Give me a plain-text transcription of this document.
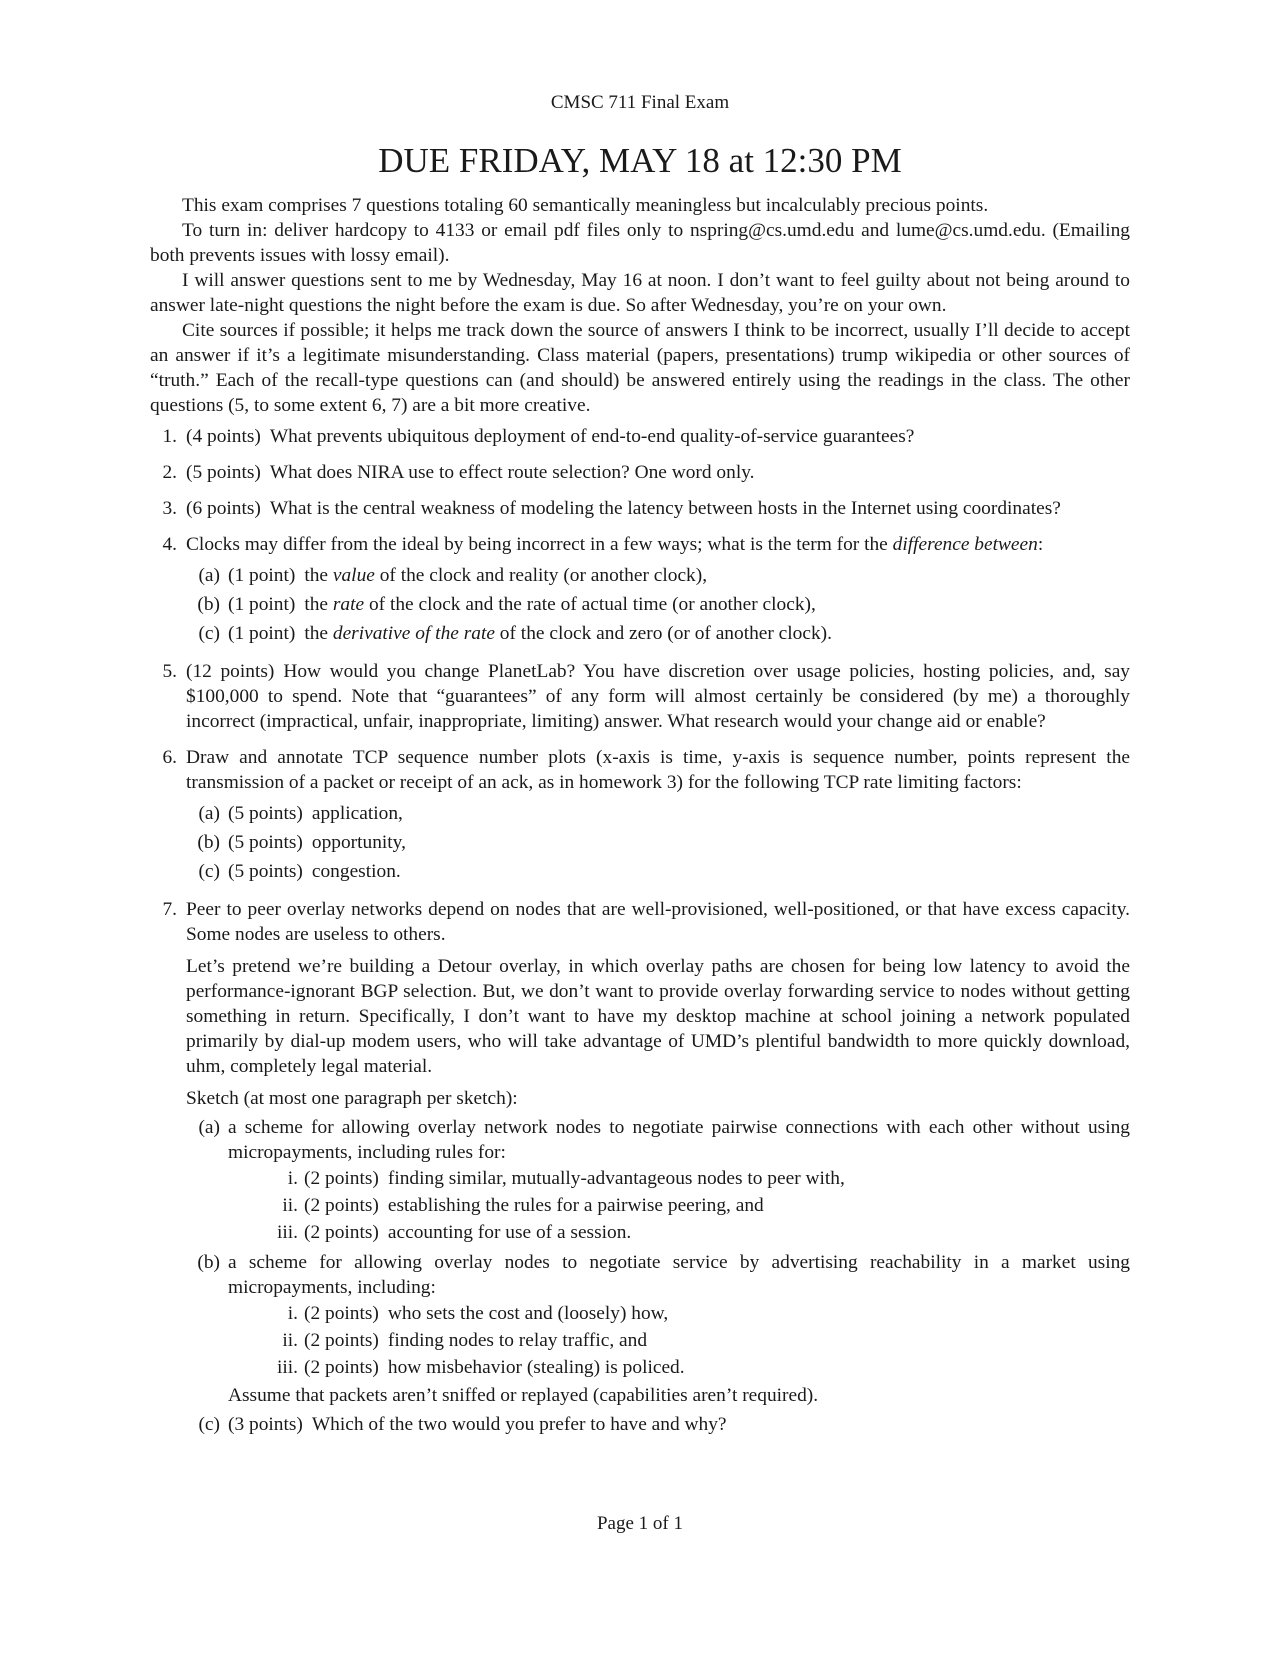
CMSC 711 Final Exam
DUE FRIDAY, MAY 18 at 12:30 PM

This exam comprises 7 questions totaling 60 semantically meaningless but incalculably precious points.

To turn in: deliver hardcopy to 4133 or email pdf files only to nspring@cs.umd.edu and lume@cs.umd.edu. (Emailing both prevents issues with lossy email).

I will answer questions sent to me by Wednesday, May 16 at noon. I don’t want to feel guilty about not being around to answer late-night questions the night before the exam is due. So after Wednesday, you’re on your own.

Cite sources if possible; it helps me track down the source of answers I think to be incorrect, usually I’ll decide to accept an answer if it’s a legitimate misunderstanding. Class material (papers, presentations) trump wikipedia or other sources of “truth.” Each of the recall-type questions can (and should) be answered entirely using the readings in the class. The other questions (5, to some extent 6, 7) are a bit more creative.

1. (4 points) What prevents ubiquitous deployment of end-to-end quality-of-service guarantees?
2. (5 points) What does NIRA use to effect route selection? One word only.
3. (6 points) What is the central weakness of modeling the latency between hosts in the Internet using coordinates?
4. Clocks may differ from the ideal by being incorrect in a few ways; what is the term for the difference between:
(a) (1 point) the value of the clock and reality (or another clock),
(b) (1 point) the rate of the clock and the rate of actual time (or another clock),
(c) (1 point) the derivative of the rate of the clock and zero (or of another clock).
5. (12 points) How would you change PlanetLab? You have discretion over usage policies, hosting policies, and, say $100,000 to spend. Note that “guarantees” of any form will almost certainly be considered (by me) a thoroughly incorrect (impractical, unfair, inappropriate, limiting) answer. What research would your change aid or enable?
6. Draw and annotate TCP sequence number plots (x-axis is time, y-axis is sequence number, points represent the transmission of a packet or receipt of an ack, as in homework 3) for the following TCP rate limiting factors:
(a) (5 points) application,
(b) (5 points) opportunity,
(c) (5 points) congestion.
7. Peer to peer overlay networks depend on nodes that are well-provisioned, well-positioned, or that have excess capacity. Some nodes are useless to others.
Let’s pretend we’re building a Detour overlay, in which overlay paths are chosen for being low latency to avoid the performance-ignorant BGP selection. But, we don’t want to provide overlay forwarding service to nodes without getting something in return. Specifically, I don’t want to have my desktop machine at school joining a network populated primarily by dial-up modem users, who will take advantage of UMD’s plentiful bandwidth to more quickly download, uhm, completely legal material.
Sketch (at most one paragraph per sketch):
(a) a scheme for allowing overlay network nodes to negotiate pairwise connections with each other without using micropayments, including rules for:
i. (2 points) finding similar, mutually-advantageous nodes to peer with,
ii. (2 points) establishing the rules for a pairwise peering, and
iii. (2 points) accounting for use of a session.
(b) a scheme for allowing overlay nodes to negotiate service by advertising reachability in a market using micropayments, including:
i. (2 points) who sets the cost and (loosely) how,
ii. (2 points) finding nodes to relay traffic, and
iii. (2 points) how misbehavior (stealing) is policed.
Assume that packets aren’t sniffed or replayed (capabilities aren’t required).
(c) (3 points) Which of the two would you prefer to have and why?
Page 1 of 1
